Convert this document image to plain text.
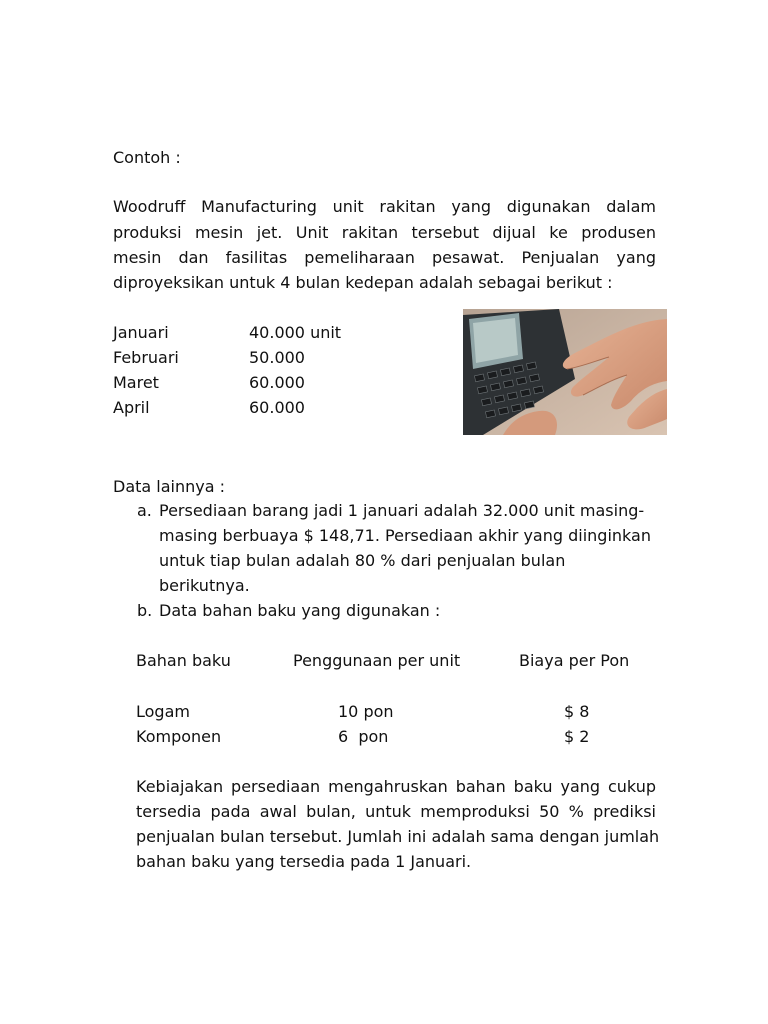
Contoh :
Woodruff Manufacturing unit rakitan yang digunakan dalam
produksi mesin jet. Unit rakitan tersebut dijual ke produsen
mesin dan fasilitas pemeliharaan pesawat. Penjualan yang
diproyeksikan untuk 4 bulan kedepan adalah sebagai berikut :
Januari	40.000 unit
Februari	50.000
Maret	60.000
April	60.000
Data lainnya :
a. Persediaan barang jadi 1 januari adalah 32.000 unit masing-
masing berbuaya $ 148,71. Persediaan akhir yang diinginkan
untuk tiap bulan adalah 80 % dari penjualan bulan
berikutnya.
b. Data bahan baku yang digunakan :
Bahan baku	Penggunaan per unit	Biaya per Pon
Logam	10 pon	$ 8
Komponen	6  pon	$ 2
Kebiajakan persediaan mengahruskan bahan baku yang cukup
tersedia pada awal bulan, untuk memproduksi 50 % prediksi
penjualan bulan tersebut. Jumlah ini adalah sama dengan jumlah
bahan baku yang tersedia pada 1 Januari.
